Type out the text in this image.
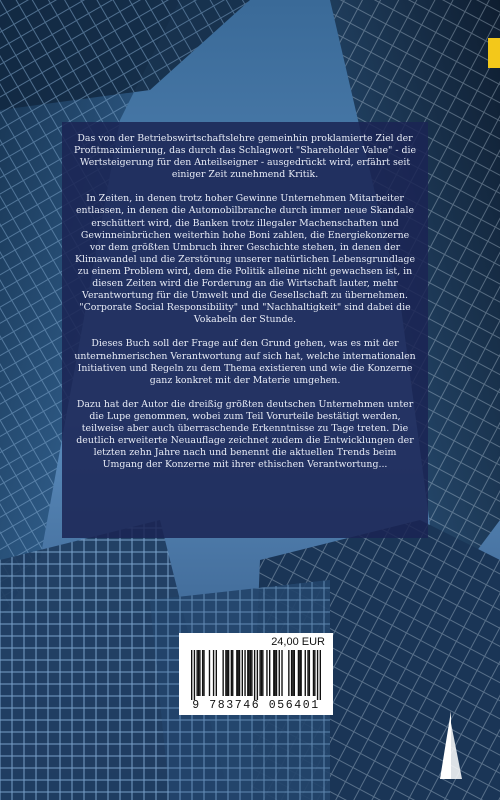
Das von der Betriebswirtschaftslehre gemeinhin proklamierte Ziel der Profitmaximierung, das durch das Schlagwort "Shareholder Value" - die Wertsteigerung für den Anteilseigner - ausgedrückt wird, erfährt seit einiger Zeit zunehmend Kritik.

In Zeiten, in denen trotz hoher Gewinne Unternehmen Mitarbeiter entlassen, in denen die Automobilbranche durch immer neue Skandale erschüttert wird, die Banken trotz illegaler Machenschaften und Gewinneinbrüchen weiterhin hohe Boni zahlen, die Energiekonzerne vor dem größten Umbruch ihrer Geschichte stehen, in denen der Klimawandel und die Zerstörung unserer natürlichen Lebensgrundlage zu einem Problem wird, dem die Politik alleine nicht gewachsen ist, in diesen Zeiten wird die Forderung an die Wirtschaft lauter, mehr Verantwortung für die Umwelt und die Gesellschaft zu übernehmen. "Corporate Social Responsibility" und "Nachhaltigkeit" sind dabei die Vokabeln der Stunde.

Dieses Buch soll der Frage auf den Grund gehen, was es mit der unternehmerischen Verantwortung auf sich hat, welche internationalen Initiativen und Regeln zu dem Thema existieren und wie die Konzerne ganz konkret mit der Materie umgehen.

Dazu hat der Autor die dreißig größten deutschen Unternehmen unter die Lupe genommen, wobei zum Teil Vorurteile bestätigt werden, teilweise aber auch überraschende Erkenntnisse zu Tage treten. Die deutlich erweiterte Neuauflage zeichnet zudem die Entwicklungen der letzten zehn Jahre nach und benennt die aktuellen Trends beim Umgang der Konzerne mit ihrer ethischen Verantwortung...

24,00 EUR
9 783746 056401
